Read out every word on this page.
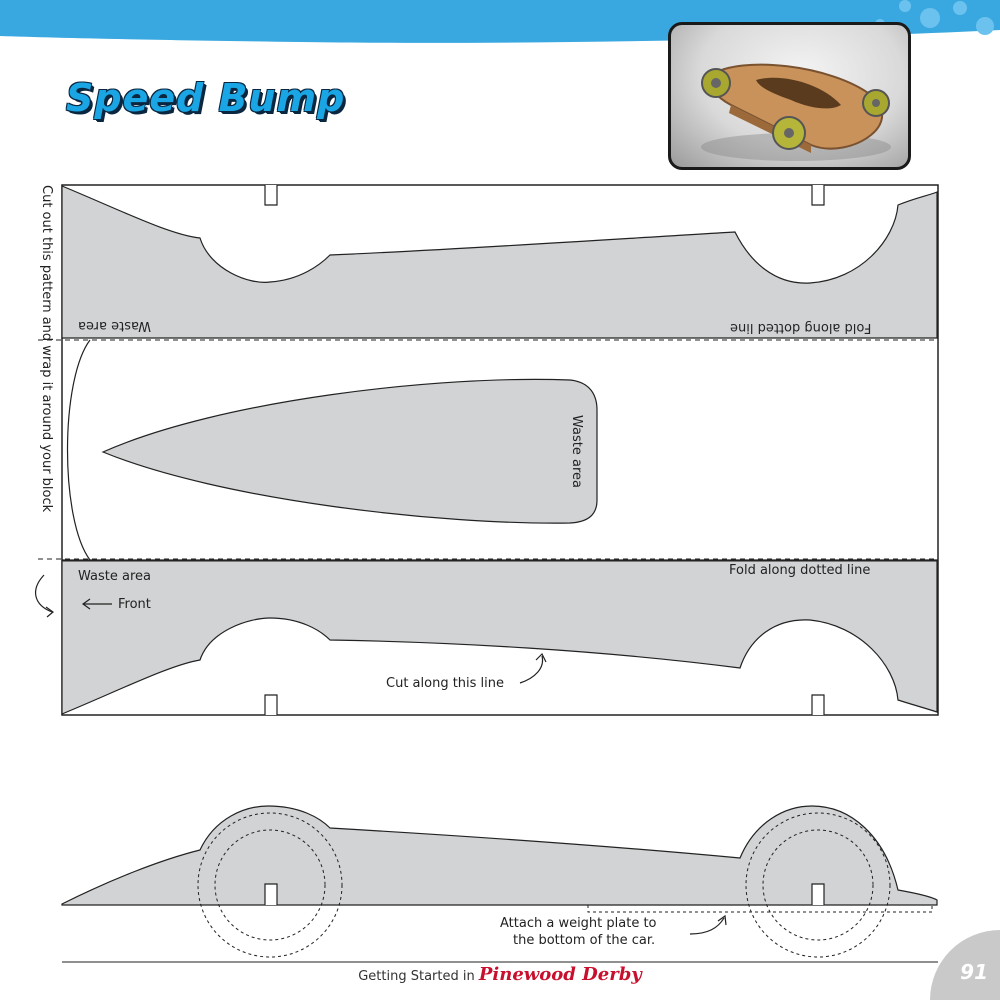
Speed Bump
Cut out this pattern and wrap it around your block Waste area	Fold along dotted line
Waste area
Waste area
Front
Fold along dotted line
Cut along this line
Attach a weight plate to
the bottom of the car.
Getting Started in Pinewood Derby	91
